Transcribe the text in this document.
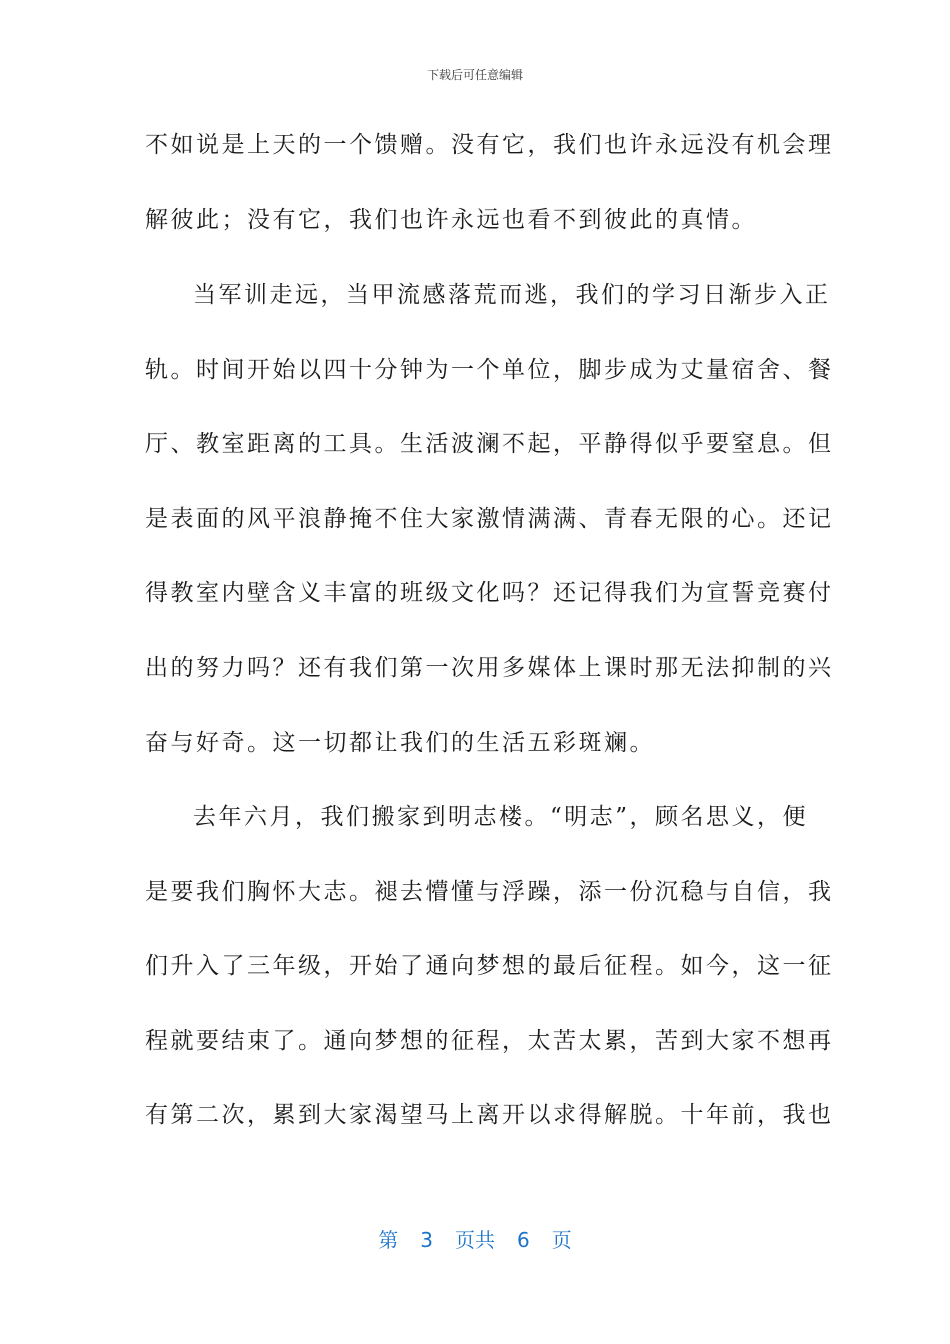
下载后可任意编辑
不如说是上天的一个馈赠。没有它，我们也许永远没有机会理
解彼此；没有它，我们也许永远也看不到彼此的真情。
当军训走远，当甲流感落荒而逃，我们的学习日渐步入正
轨。时间开始以四十分钟为一个单位，脚步成为丈量宿舍、餐
厅、教室距离的工具。生活波澜不起，平静得似乎要窒息。但
是表面的风平浪静掩不住大家激情满满、青春无限的心。还记
得教室内壁含义丰富的班级文化吗？还记得我们为宣誓竞赛付
出的努力吗？还有我们第一次用多媒体上课时那无法抑制的兴
奋与好奇。这一切都让我们的生活五彩斑斓。
去年六月，我们搬家到明志楼。“明志”，顾名思义，便
是要我们胸怀大志。褪去懵懂与浮躁，添一份沉稳与自信，我
们升入了三年级，开始了通向梦想的最后征程。如今，这一征
程就要结束了。通向梦想的征程，太苦太累，苦到大家不想再
有第二次，累到大家渴望马上离开以求得解脱。十年前，我也
第 3 页共 6 页
